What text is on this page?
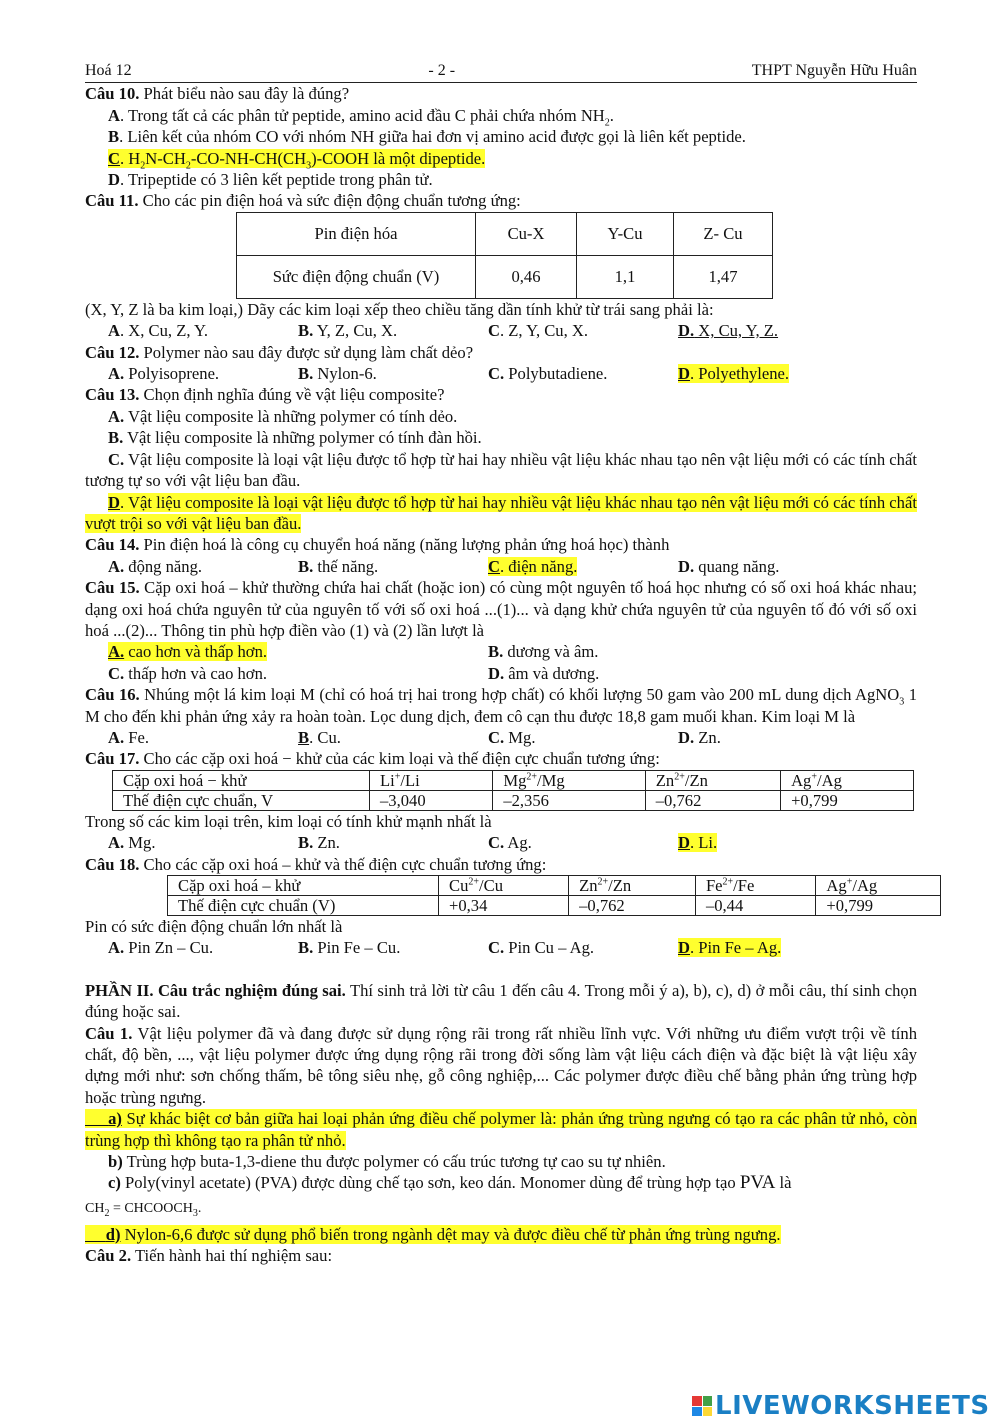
Hoá 12	- 2 -	THPT Nguyễn Hữu Huân

Câu 10. Phát biểu nào sau đây là đúng?

A. Trong tất cả các phân tử peptide, amino acid đầu C phải chứa nhóm $NH_2$.

B. Liên kết của nhóm CO với nhóm NH giữa hai đơn vị amino acid được gọi là liên kết peptide.

C. $H_2N-CH_2-CO-NH-CH(CH_3)$-COOH là một dipeptide.

D. Tripeptide có 3 liên kết peptide trong phân tử.

Câu 11. Cho các pin điện hoá và sức điện động chuẩn tương ứng:

Pin điện hóa	Cu-X	Y-Cu	Z- Cu
Sức điện động chuẩn (V)	0,46	1,1	1,47

(X, Y, Z là ba kim loại,) Dãy các kim loại xếp theo chiều tăng dần tính khử từ trái sang phải là:

A. X, Cu, Z, Y.	B. Y, Z, Cu, X.	C. Z, Y, Cu, X.	D. X, Cu, Y, Z.

Câu 12. Polymer nào sau đây được sử dụng làm chất dẻo?

A. Polyisoprene.	B. Nylon-6.	C. Polybutadiene.	D. Polyethylene.

Câu 13. Chọn định nghĩa đúng về vật liệu composite?

A. Vật liệu composite là những polymer có tính dẻo.

B. Vật liệu composite là những polymer có tính đàn hồi.

C. Vật liệu composite là loại vật liệu được tổ hợp từ hai hay nhiều vật liệu khác nhau tạo nên vật liệu mới có các tính chất tương tự so với vật liệu ban đầu.

D. Vật liệu composite là loại vật liệu được tổ hợp từ hai hay nhiều vật liệu khác nhau tạo nên vật liệu mới có các tính chất vượt trội so với vật liệu ban đầu.

Câu 14. Pin điện hoá là công cụ chuyển hoá năng (năng lượng phản ứng hoá học) thành

A. động năng.	B. thế năng.	C. điện năng.	D. quang năng.

Câu 15. Cặp oxi hoá – khử thường chứa hai chất (hoặc ion) có cùng một nguyên tố hoá học nhưng có số oxi hoá khác nhau; dạng oxi hoá chứa nguyên tử của nguyên tố với số oxi hoá ...(1)... và dạng khử chứa nguyên tử của nguyên tố đó với số oxi hoá ...(2)... Thông tin phù hợp điền vào (1) và (2) lần lượt là

A. cao hơn và thấp hơn.	B. dương và âm.
C. thấp hơn và cao hơn.	D. âm và dương.

Câu 16. Nhúng một lá kim loại M (chỉ có hoá trị hai trong hợp chất) có khối lượng 50 gam vào 200 mL dung dịch AgNO$_3$ 1 M cho đến khi phản ứng xảy ra hoàn toàn. Lọc dung dịch, đem cô cạn thu được 18,8 gam muối khan. Kim loại M là

A. Fe.	B. Cu.	C. Mg.	D. Zn.

Câu 17. Cho các cặp oxi hoá − khử của các kim loại và thế điện cực chuẩn tương ứng:

Cặp oxi hoá − khử	Li+/Li	$Mg^{2+}/Mg$	$Zn^{2+}/Zn$	Ag+/Ag
Thế điện cực chuẩn, V	–3,040	–2,356	–0,762	+0,799

Trong số các kim loại trên, kim loại có tính khử mạnh nhất là

A. Mg.	B. Zn.	C. Ag.	D. Li.

Câu 18. Cho các cặp oxi hoá – khử và thế điện cực chuẩn tương ứng:

Cặp oxi hoá – khử	$Cu^{2+}/Cu$	$Zn^{2+}/Zn$	$Fe^{2+}/Fe$	Ag+/Ag
Thế điện cực chuẩn (V)	+0,34	–0,762	–0,44	+0,799

Pin có sức điện động chuẩn lớn nhất là

A. Pin Zn – Cu.	B. Pin Fe – Cu.	C. Pin Cu – Ag.	D. Pin Fe – Ag.

PHẦN II. Câu trắc nghiệm đúng sai. Thí sinh trả lời từ câu 1 đến câu 4. Trong mỗi ý a), b), c), d) ở mỗi câu, thí sinh chọn đúng hoặc sai.

Câu 1. Vật liệu polymer đã và đang được sử dụng rộng rãi trong rất nhiều lĩnh vực. Với những ưu điểm vượt trội về tính chất, độ bền, ..., vật liệu polymer được ứng dụng rộng rãi trong đời sống làm vật liệu cách điện và đặc biệt là vật liệu xây dựng mới như: sơn chống thấm, bê tông siêu nhẹ, gỗ công nghiệp,... Các polymer được điều chế bằng phản ứng trùng hợp hoặc trùng ngưng.

a) Sự khác biệt cơ bản giữa hai loại phản ứng điều chế polymer là: phản ứng trùng ngưng có tạo ra các phân tử nhỏ, còn trùng hợp thì không tạo ra phân tử nhỏ.

b) Trùng hợp buta-1,3-diene thu được polymer có cấu trúc tương tự cao su tự nhiên.

c) Poly(vinyl acetate) (PVA) được dùng chế tạo sơn, keo dán. Monomer dùng để trùng hợp tạo PVA là

$CH_2$ = $CHCOOCH_3$.

d) Nylon-6,6 được sử dụng phổ biến trong ngành dệt may và được điều chế từ phản ứng trùng ngưng.

Câu 2. Tiến hành hai thí nghiệm sau:

LIVEWORKSHEETS
